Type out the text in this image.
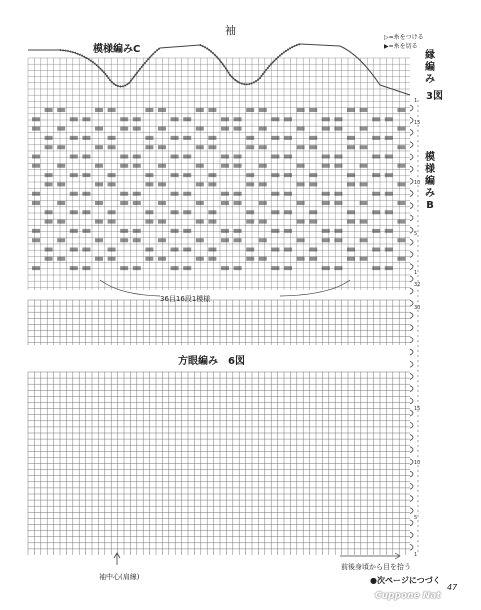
袖
模様編みC
縁
編
み
3図
模
様
編
み
B
▷=糸をつける
▶=糸を切る
36目16段1模様
方眼編み　6図
袖中心(肩線)
前後身頃から目を拾う
●次ページにつづく
47
Cuppone Nat
1
15
10
5
1
32
30
15
10
5
1
